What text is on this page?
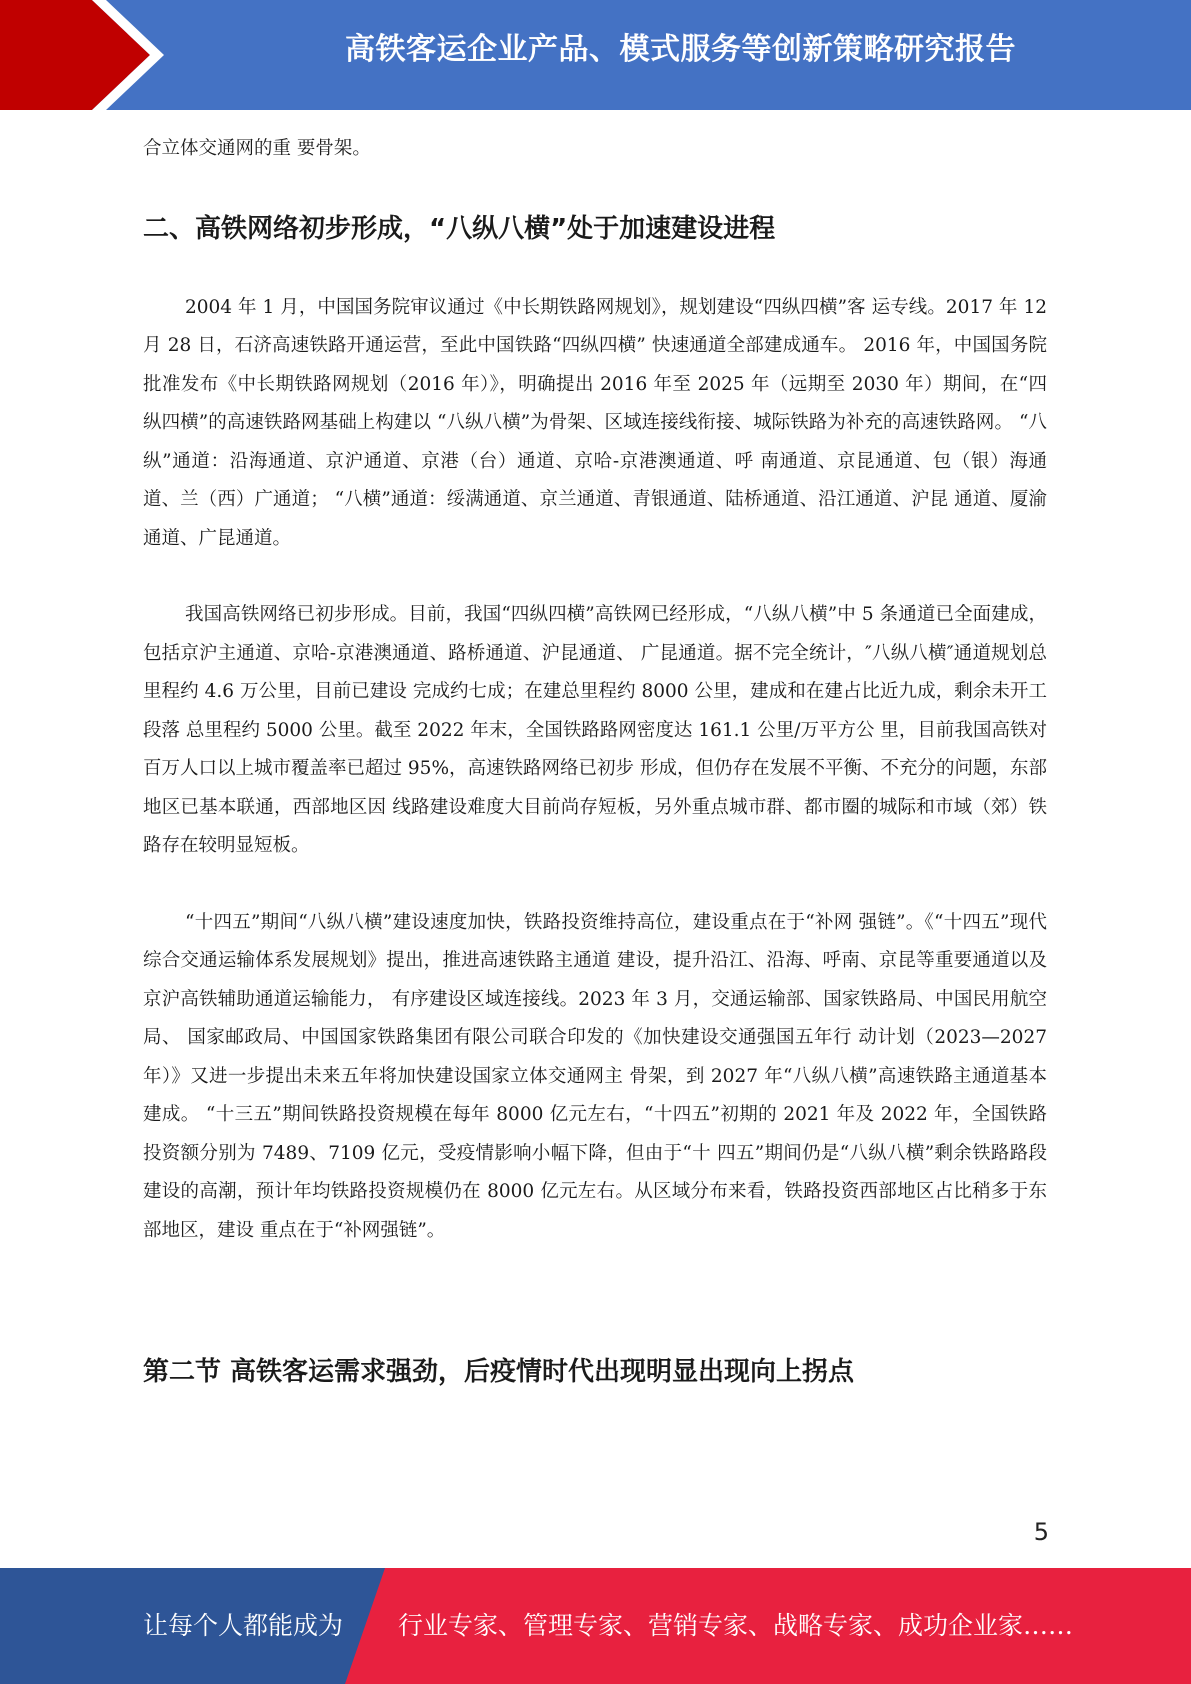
高铁客运企业产品、模式服务等创新策略研究报告

合立体交通网的重 要骨架。

二、高铁网络初步形成，“八纵八横”处于加速建设进程

2004 年 1 月，中国国务院审议通过《中长期铁路网规划》，规划建设“四纵四横”客 运专线。2017 年 12 月 28 日，石济高速铁路开通运营，至此中国铁路“四纵四横” 快速通道全部建成通车。 2016 年，中国国务院批准发布《中长期铁路网规划（2016 年）》，明确提出 2016 年至 2025 年（远期至 2030 年）期间，在“四纵四横”的高速铁路网基础上构建以 “八纵八横”为骨架、区域连接线衔接、城际铁路为补充的高速铁路网。 “八纵”通道：沿海通道、京沪通道、京港（台）通道、京哈-京港澳通道、呼 南通道、京昆通道、包（银）海通道、兰（西）广通道； “八横”通道：绥满通道、京兰通道、青银通道、陆桥通道、沿江通道、沪昆 通道、厦渝通道、广昆通道。

我国高铁网络已初步形成。目前，我国“四纵四横”高铁网已经形成，“八纵八横”中 5 条通道已全面建成，包括京沪主通道、京哈-京港澳通道、路桥通道、沪昆通道、 广昆通道。据不完全统计，″八纵八横″通道规划总里程约 4.6 万公里，目前已建设 完成约七成；在建总里程约 8000 公里，建成和在建占比近九成，剩余未开工段落 总里程约 5000 公里。截至 2022 年末，全国铁路路网密度达 161.1 公里/万平方公 里，目前我国高铁对百万人口以上城市覆盖率已超过 95%，高速铁路网络已初步 形成，但仍存在发展不平衡、不充分的问题，东部地区已基本联通，西部地区因 线路建设难度大目前尚存短板，另外重点城市群、都市圈的城际和市域（郊）铁 路存在较明显短板。

“十四五”期间“八纵八横”建设速度加快，铁路投资维持高位，建设重点在于“补网 强链”。《“十四五”现代综合交通运输体系发展规划》提出，推进高速铁路主通道 建设，提升沿江、沿海、呼南、京昆等重要通道以及京沪高铁辅助通道运输能力， 有序建设区域连接线。2023 年 3 月，交通运输部、国家铁路局、中国民用航空局、 国家邮政局、中国国家铁路集团有限公司联合印发的《加快建设交通强国五年行 动计划（2023—2027 年）》又进一步提出未来五年将加快建设国家立体交通网主 骨架，到 2027 年“八纵八横”高速铁路主通道基本建成。 “十三五”期间铁路投资规模在每年 8000 亿元左右，“十四五”初期的 2021 年及 2022 年，全国铁路投资额分别为 7489、7109 亿元，受疫情影响小幅下降，但由于“十 四五”期间仍是“八纵八横”剩余铁路路段建设的高潮，预计年均铁路投资规模仍在 8000 亿元左右。从区域分布来看，铁路投资西部地区占比稍多于东部地区，建设 重点在于“补网强链”。

第二节 高铁客运需求强劲，后疫情时代出现明显出现向上拐点
5
让每个人都能成为 行业专家、管理专家、营销专家、战略专家、成功企业家……
